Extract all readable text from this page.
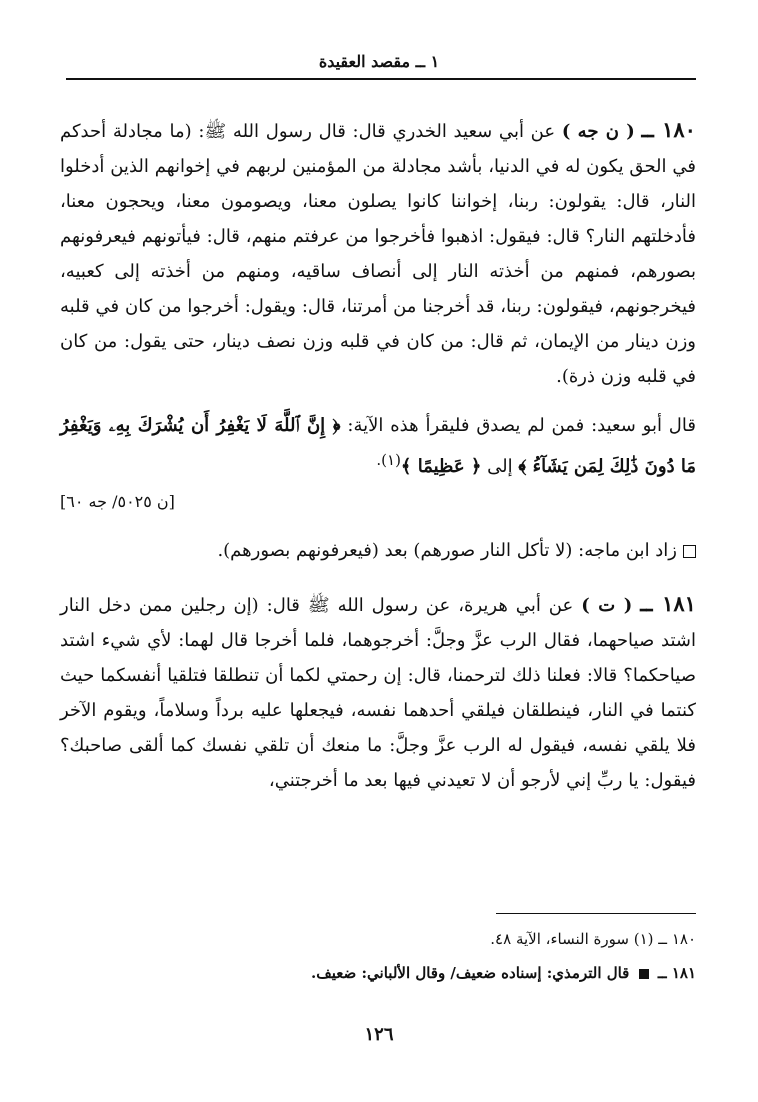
١ ــ مقصد العقيدة

١٨٠ ــ ( ن جه ) عن أبي سعيد الخدري قال: قال رسول الله ﷺ: (ما مجادلة أحدكم في الحق يكون له في الدنيا، بأشد مجادلة من المؤمنين لربهم في إخوانهم الذين أدخلوا النار، قال: يقولون: ربنا، إخواننا كانوا يصلون معنا، ويصومون معنا، ويحجون معنا، فأدخلتهم النار؟ قال: فيقول: اذهبوا فأخرجوا من عرفتم منهم، قال: فيأتونهم فيعرفونهم بصورهم، فمنهم من أخذته النار إلى أنصاف ساقيه، ومنهم من أخذته إلى كعبيه، فيخرجونهم، فيقولون: ربنا، قد أخرجنا من أمرتنا، قال: ويقول: أخرجوا من كان في قلبه وزن دينار من الإيمان، ثم قال: من كان في قلبه وزن نصف دينار، حتى يقول: من كان في قلبه وزن ذرة).

قال أبو سعيد: فمن لم يصدق فليقرأ هذه الآية: ﴿ إِنَّ ٱللَّهَ لَا يَغْفِرُ أَن يُشْرَكَ بِهِۦ وَيَغْفِرُ مَا دُونَ ذَٰلِكَ لِمَن يَشَآءُ ﴾ إلى ﴿ عَظِيمًا ﴾$^{(١).}$
[ن ٥٠٢٥/ جه ٦٠]

زاد ابن ماجه: (لا تأكل النار صورهم) بعد (فيعرفونهم بصورهم).

١٨١ ــ ( ت ) عن أبي هريرة، عن رسول الله ﷺ قال: (إن رجلين ممن دخل النار اشتد صياحهما، فقال الرب عزَّ وجلَّ: أخرجوهما، فلما أخرجا قال لهما: لأي شيء اشتد صياحكما؟ قالا: فعلنا ذلك لترحمنا، قال: إن رحمتي لكما أن تنطلقا فتلقيا أنفسكما حيث كنتما في النار، فينطلقان فيلقي أحدهما نفسه، فيجعلها عليه برداً وسلاماً، ويقوم الآخر فلا يلقي نفسه، فيقول له الرب عزَّ وجلَّ: ما منعك أن تلقي نفسك كما ألقى صاحبك؟ فيقول: يا ربِّ إني لأرجو أن لا تعيدني فيها بعد ما أخرجتني،

١٨٠ ــ (١) سورة النساء، الآية ٤٨.

١٨١ ــ  قال الترمذي: إسناده ضعيف/ وقال الألباني: ضعيف.

١٢٦
